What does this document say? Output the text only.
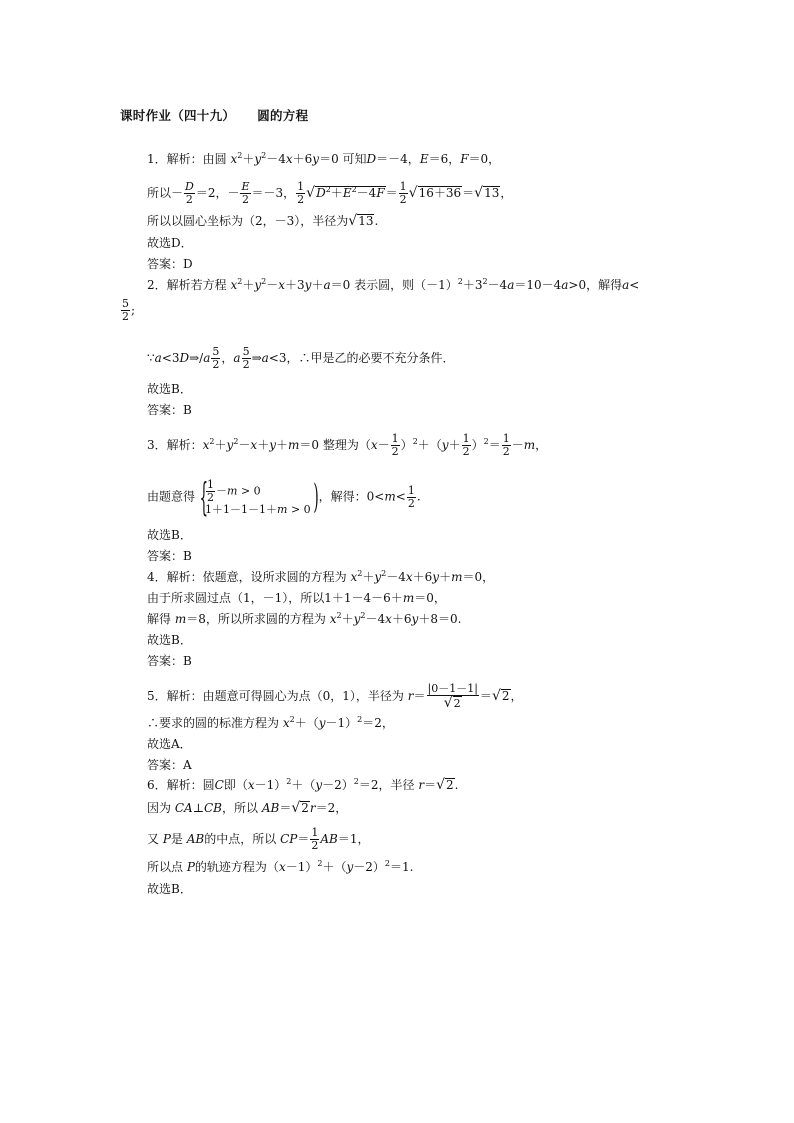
课时作业（四十九） 圆的方程
1．解析：由圆 $x^2+y^2-4x+6y=0$ 可知D＝－4，E＝6，F＝0，
所以－ $\frac{D}{2} =2$，－ $\frac{E}{2} =-3$， $\frac{1}{2}$ √ $D^2+E^2-4F = \frac{1}{2}$ √ 16＋36 ＝ √ 13 ，
所以以圆心坐标为（2，－3），半径为 √ 13 .
故选D．
答案：D
2．解析若方程 $x^2+y^2-x+3y+a=0$ 表示圆，则$(-1)^2+3^2-4a=10-4a>0$，解得a<
$\frac{5}{2}$ ;
∵a<3D⇒/a $\frac{5}{2}$ ，a $\frac{5}{2}$ ⇒a<3，∴甲是乙的必要不充分条件．
故选B．
答案：B
3．解析：$x^2+y^2-x+y+m=0$ 整理为$(x- \frac{1}{2} )^2+(y+ \frac{1}{2} )^2= \frac{1}{2} -m$，
由题意得 {
$\frac{1}{2} -m > 0$
1＋1－1－1＋m > 0 ) ，解得：$0<m< \frac{1}{2}$ .
故选B．
答案：B
4．解析：依题意，设所求圆的方程为 $x^2+y^2-4x+6y+m=0$，
由于所求圆过点（1，－1），所以1＋1－4－6＋m＝0，
解得 m＝8，所以所求圆的方程为 $x^2+y^2-4x+6y+8=0$.
故选B．
答案：B
5．解析：由题意可得圆心为点（0，1），半径为 $r= \frac{|0-1-1|}{√ 2}$ ＝ √ 2 ，
∴要求的圆的标准方程为 $x^2+(y-1)^2=2$，
故选A．
答案：A
6．解析：圆C即$(x-1)^2+(y-2)^2=2$，半径 r＝ √ 2 .
因为 CA⊥CB，所以 AB＝ √ 2 r＝2，
又 P是 AB的中点，所以 $CP= \frac{1}{2} AB=1$，
所以点 P的轨迹方程为$(x-1)^2+(y-2)^2=1$.
故选B．
